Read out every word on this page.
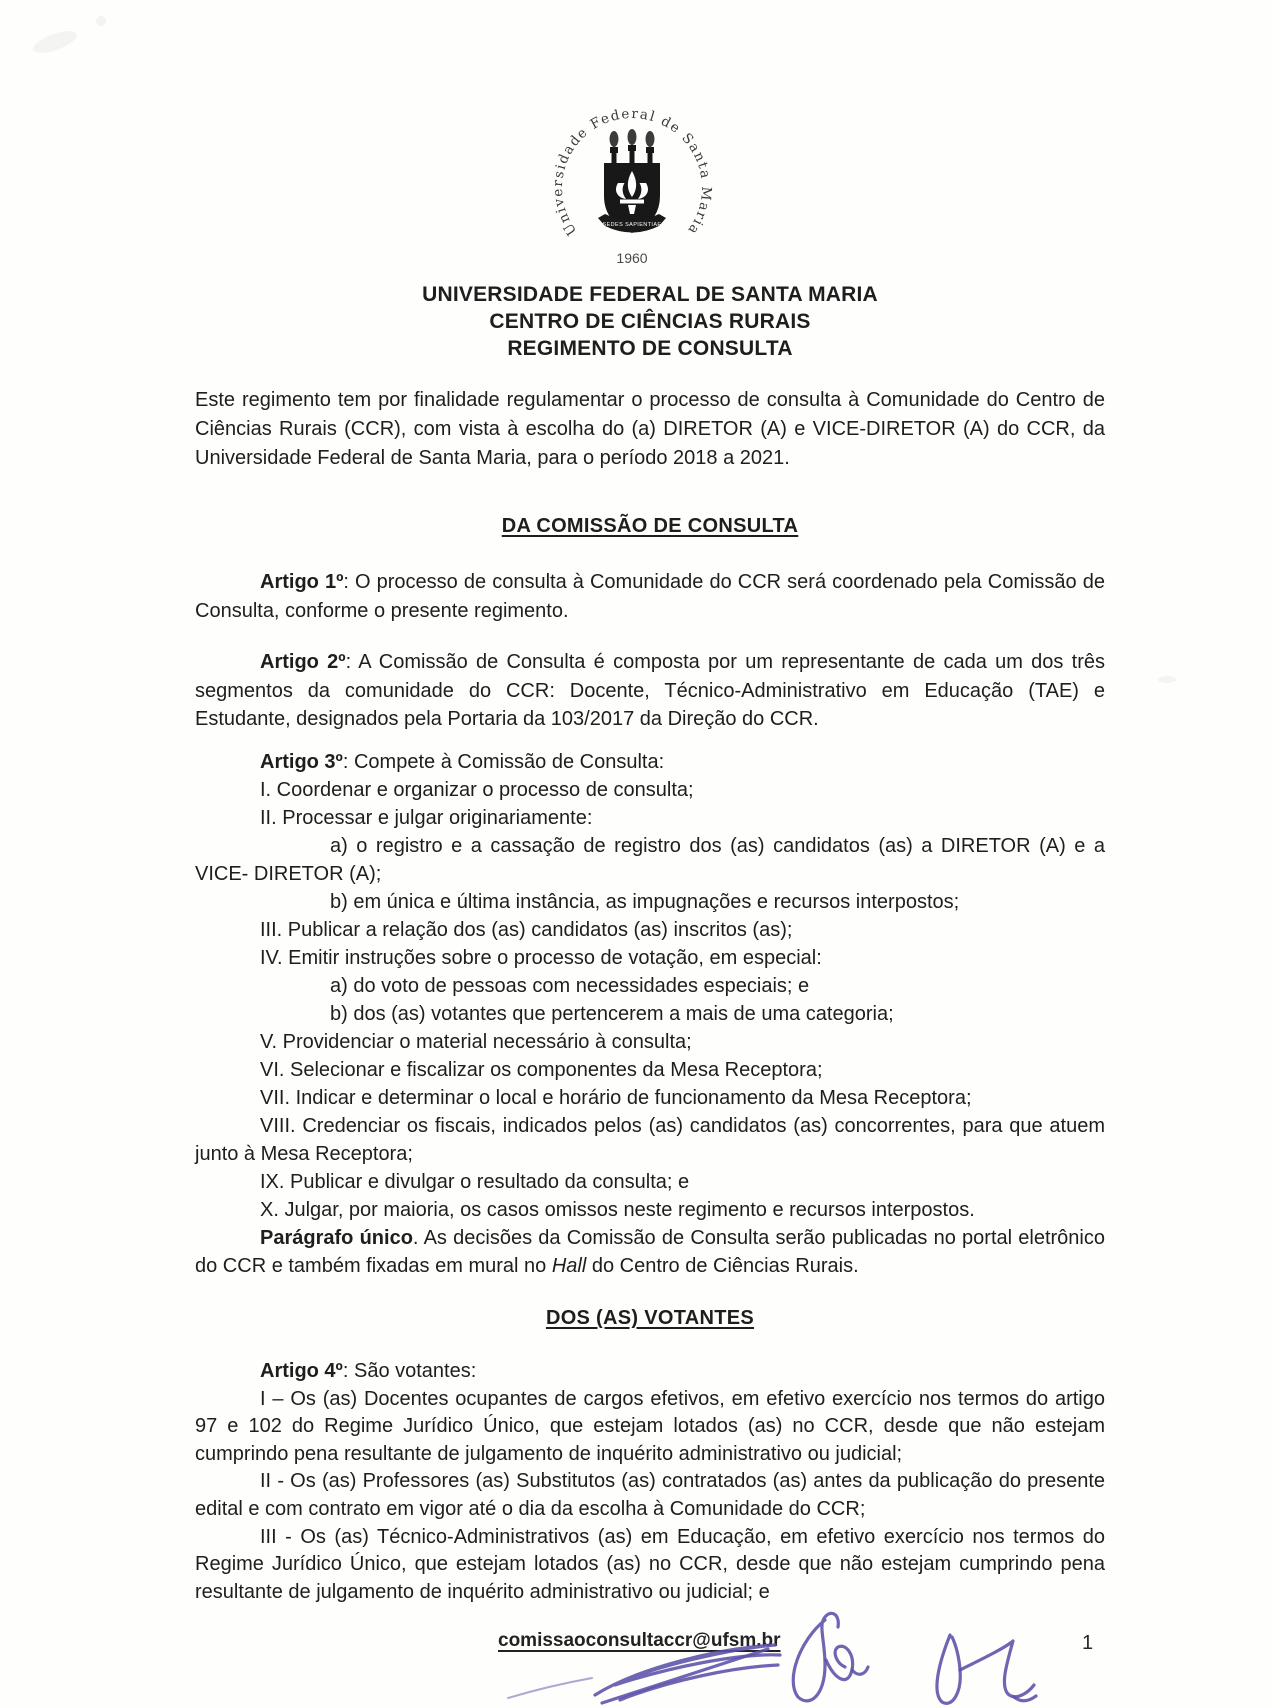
Universidade Federal de Santa Maria
SEDES SAPIENTIAE
1960
UNIVERSIDADE FEDERAL DE SANTA MARIA
CENTRO DE CIÊNCIAS RURAIS
REGIMENTO DE CONSULTA

Este regimento tem por finalidade regulamentar o processo de consulta à Comunidade do Centro de Ciências Rurais (CCR), com vista à escolha do (a) DIRETOR (A) e VICE-DIRETOR (A) do CCR, da Universidade Federal de Santa Maria, para o período 2018 a 2021.

DA COMISSÃO DE CONSULTA

Artigo 1º: O processo de consulta à Comunidade do CCR será coordenado pela Comissão de Consulta, conforme o presente regimento.

Artigo 2º: A Comissão de Consulta é composta por um representante de cada um dos três segmentos da comunidade do CCR: Docente, Técnico-Administrativo em Educação (TAE) e Estudante, designados pela Portaria da 103/2017 da Direção do CCR.

Artigo 3º: Compete à Comissão de Consulta:

I. Coordenar e organizar o processo de consulta;

II. Processar e julgar originariamente:

a) o registro e a cassação de registro dos (as) candidatos (as) a DIRETOR (A) e a VICE- DIRETOR (A);

b) em única e última instância, as impugnações e recursos interpostos;

III. Publicar a relação dos (as) candidatos (as) inscritos (as);

IV. Emitir instruções sobre o processo de votação, em especial:

a) do voto de pessoas com necessidades especiais; e

b) dos (as) votantes que pertencerem a mais de uma categoria;

V. Providenciar o material necessário à consulta;

VI. Selecionar e fiscalizar os componentes da Mesa Receptora;

VII. Indicar e determinar o local e horário de funcionamento da Mesa Receptora;

VIII. Credenciar os fiscais, indicados pelos (as) candidatos (as) concorrentes, para que atuem junto à Mesa Receptora;

IX. Publicar e divulgar o resultado da consulta; e

X. Julgar, por maioria, os casos omissos neste regimento e recursos interpostos.

Parágrafo único. As decisões da Comissão de Consulta serão publicadas no portal eletrônico do CCR e também fixadas em mural no Hall do Centro de Ciências Rurais.

DOS (AS) VOTANTES

Artigo 4º: São votantes:

I – Os (as) Docentes ocupantes de cargos efetivos, em efetivo exercício nos termos do artigo 97 e 102 do Regime Jurídico Único, que estejam lotados (as) no CCR, desde que não estejam cumprindo pena resultante de julgamento de inquérito administrativo ou judicial;

II - Os (as) Professores (as) Substitutos (as) contratados (as) antes da publicação do presente edital e com contrato em vigor até o dia da escolha à Comunidade do CCR;

III - Os (as) Técnico-Administrativos (as) em Educação, em efetivo exercício nos termos do Regime Jurídico Único, que estejam lotados (as) no CCR, desde que não estejam cumprindo pena resultante de julgamento de inquérito administrativo ou judicial; e

comissaoconsultaccr@ufsm.br	1
